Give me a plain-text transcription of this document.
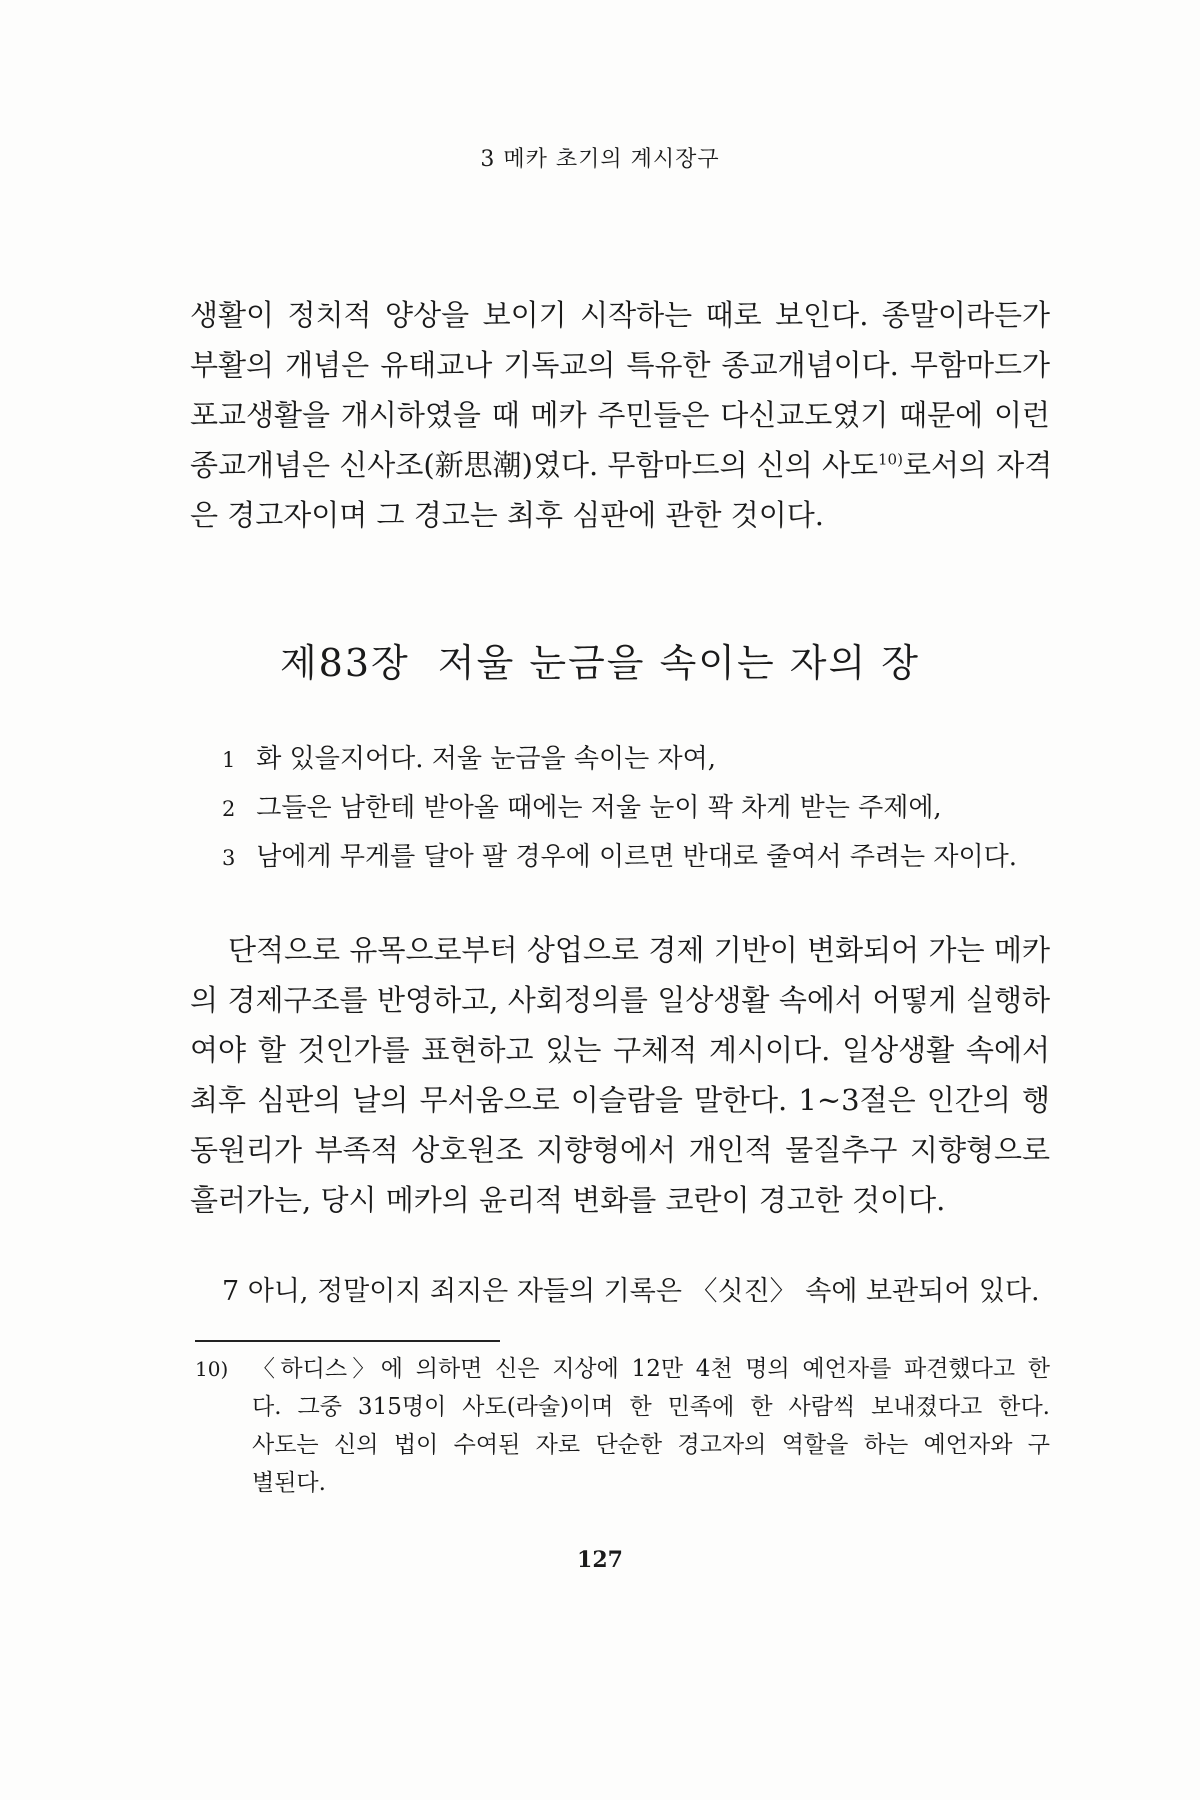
3 메카 초기의 계시장구

생활이 정치적 양상을 보이기 시작하는 때로 보인다. 종말이라든가
부활의 개념은 유태교나 기독교의 특유한 종교개념이다. 무함마드가
포교생활을 개시하였을 때 메카 주민들은 다신교도였기 때문에 이런
종교개념은 신사조(新思潮)였다. 무함마드의 신의 사도$^{10)}$로서의 자격
은 경고자이며 그 경고는 최후 심판에 관한 것이다.

제83장  저울 눈금을 속이는 자의 장
1 화 있을지어다. 저울 눈금을 속이는 자여,
2 그들은 남한테 받아올 때에는 저울 눈이 꽉 차게 받는 주제에,
3 남에게 무게를 달아 팔 경우에 이르면 반대로 줄여서 주려는 자이다.

단적으로 유목으로부터 상업으로 경제 기반이 변화되어 가는 메카
의 경제구조를 반영하고, 사회정의를 일상생활 속에서 어떻게 실행하
여야 할 것인가를 표현하고 있는 구체적 계시이다. 일상생활 속에서
최후 심판의 날의 무서움으로 이슬람을 말한다. 1~3절은 인간의 행
동원리가 부족적 상호원조 지향형에서 개인적 물질추구 지향형으로
흘러가는, 당시 메카의 윤리적 변화를 코란이 경고한 것이다.

7 아니, 정말이지 죄지은 자들의 기록은 〈싯진〉 속에 보관되어 있다.

10) 〈하디스〉에 의하면 신은 지상에 12만 4천 명의 예언자를 파견했다고 한
다. 그중 315명이 사도(라술)이며 한 민족에 한 사람씩 보내졌다고 한다.
사도는 신의 법이 수여된 자로 단순한 경고자의 역할을 하는 예언자와 구
별된다.
127
